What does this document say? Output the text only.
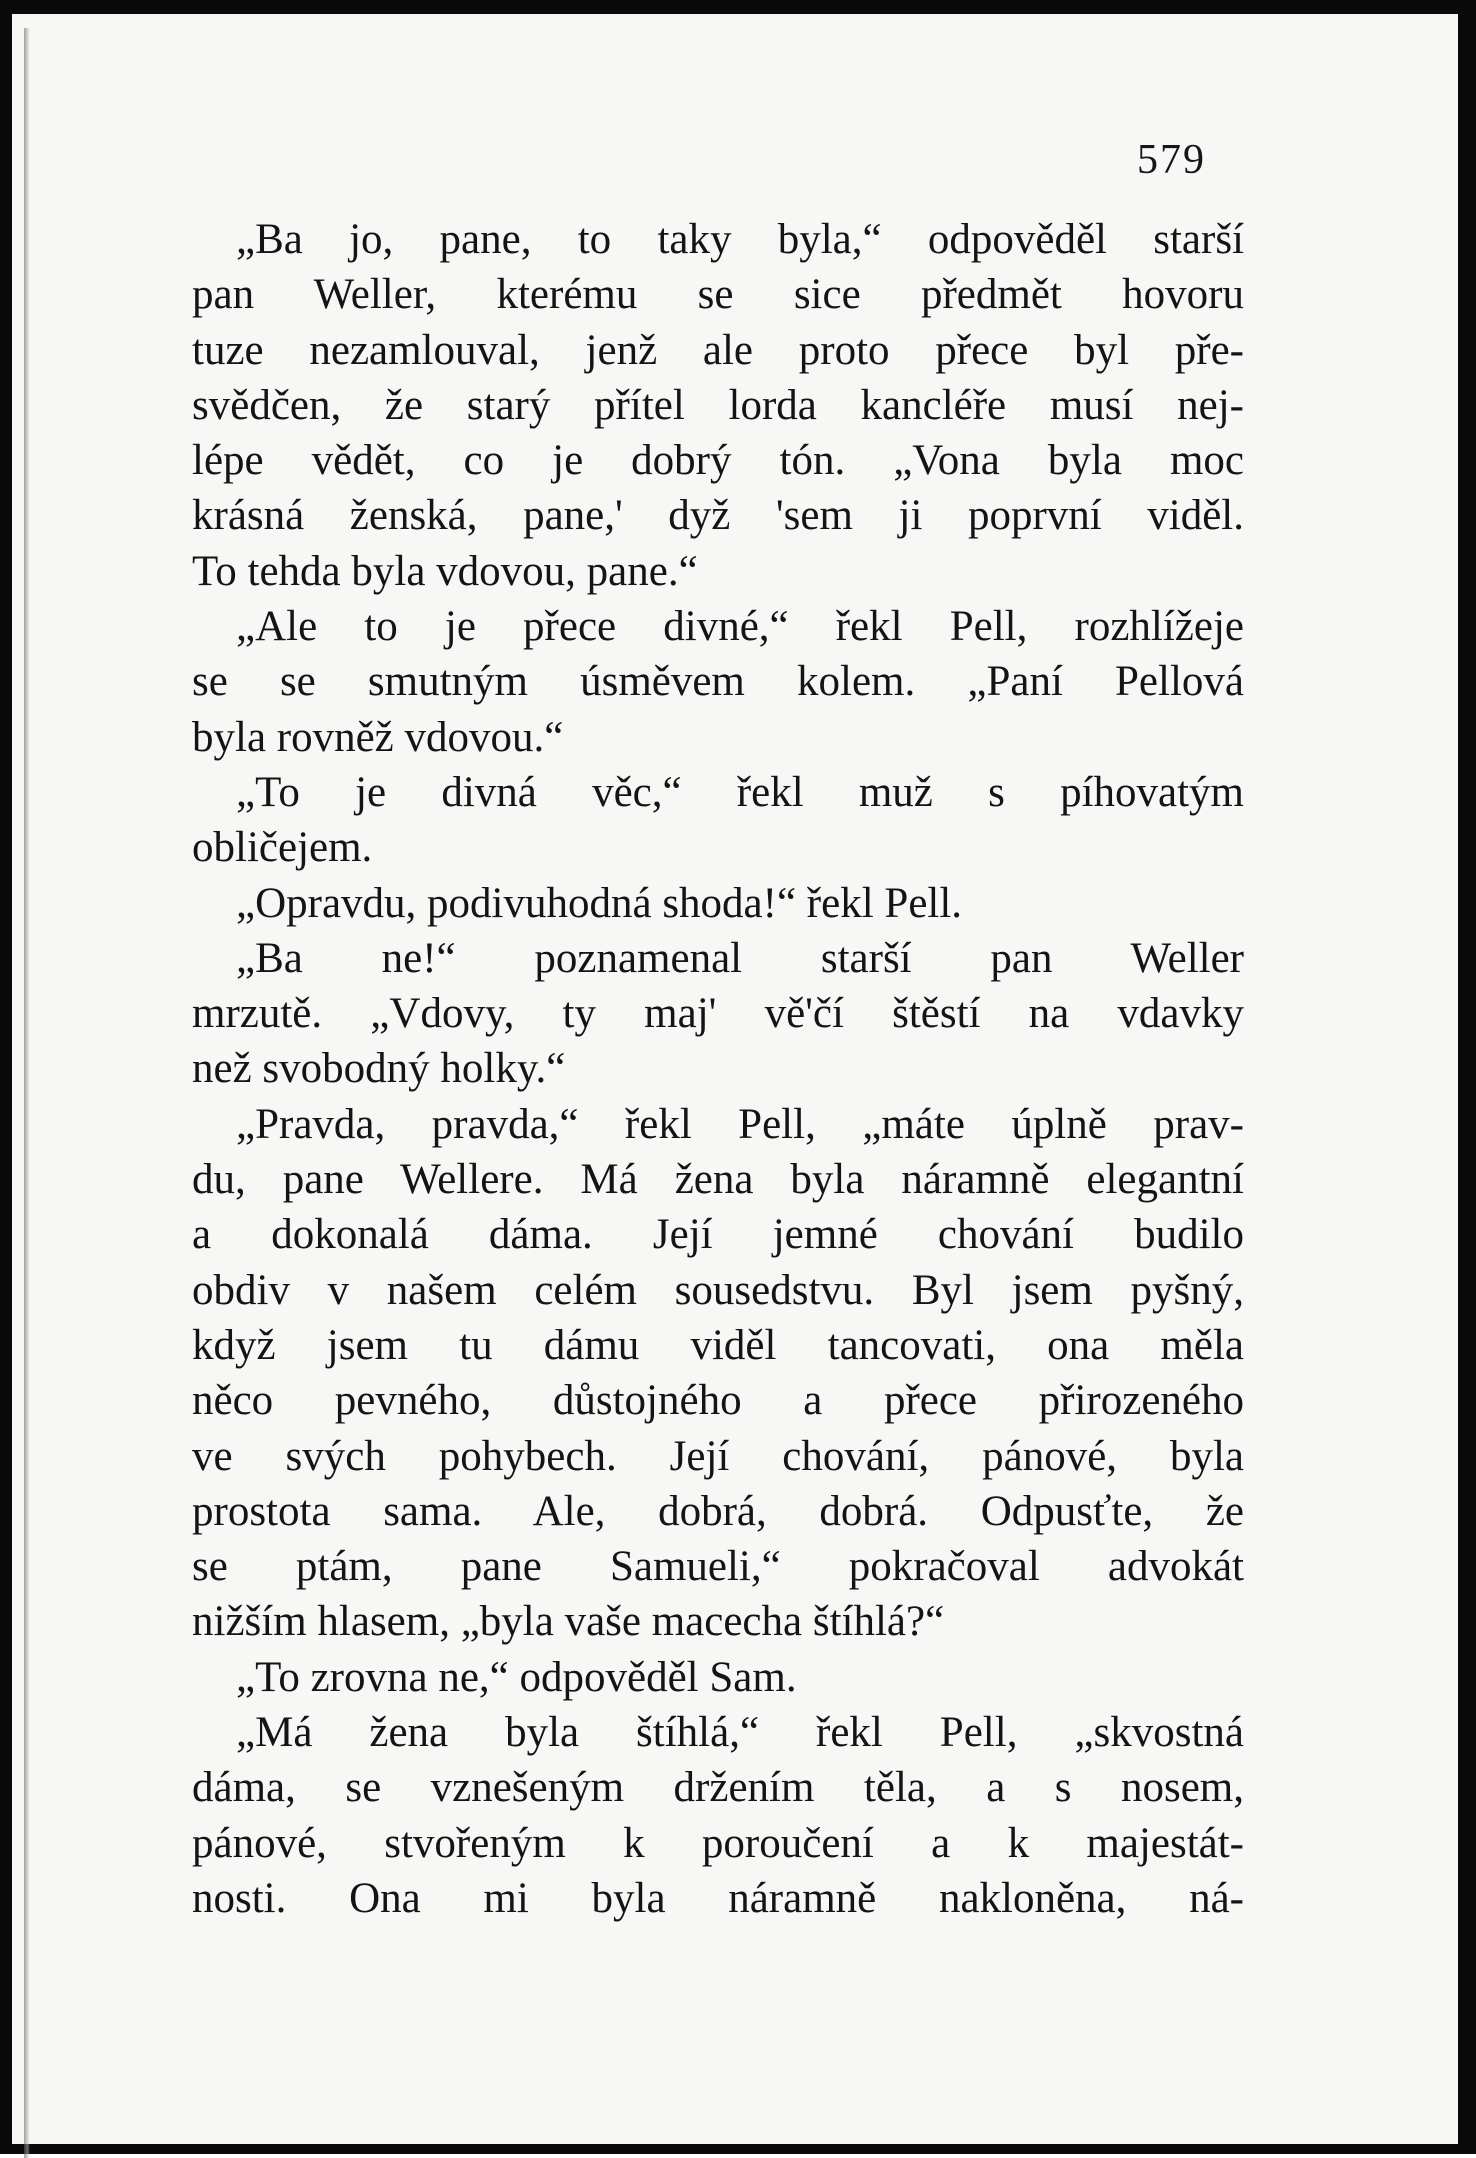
579
„Ba jo, pane, to taky byla,“ odpověděl starší
pan Weller, kterému se sice předmět hovoru
tuze nezamlouval, jenž ale proto přece byl pře-
svědčen, že starý přítel lorda kancléře musí nej-
lépe vědět, co je dobrý tón. „Vona byla moc
krásná ženská, pane,' dyž 'sem ji poprvní viděl.
To tehda byla vdovou, pane.“
„Ale to je přece divné,“ řekl Pell, rozhlížeje
se se smutným úsměvem kolem. „Paní Pellová
byla rovněž vdovou.“
„To je divná věc,“ řekl muž s píhovatým
obličejem.
„Opravdu, podivuhodná shoda!“ řekl Pell.
„Ba ne!“ poznamenal starší pan Weller
mrzutě. „Vdovy, ty maj' vě'čí štěstí na vdavky
než svobodný holky.“
„Pravda, pravda,“ řekl Pell, „máte úplně prav-
du, pane Wellere. Má žena byla náramně elegantní
a dokonalá dáma. Její jemné chování budilo
obdiv v našem celém sousedstvu. Byl jsem pyšný,
když jsem tu dámu viděl tancovati, ona měla
něco pevného, důstojného a přece přirozeného
ve svých pohybech. Její chování, pánové, byla
prostota sama. Ale, dobrá, dobrá. Odpusťte, že
se ptám, pane Samueli,“ pokračoval advokát
nižším hlasem, „byla vaše macecha štíhlá?“
„To zrovna ne,“ odpověděl Sam.
„Má žena byla štíhlá,“ řekl Pell, „skvostná
dáma, se vznešeným držením těla, a s nosem,
pánové, stvořeným k poroučení a k majestát-
nosti. Ona mi byla náramně nakloněna, ná-
